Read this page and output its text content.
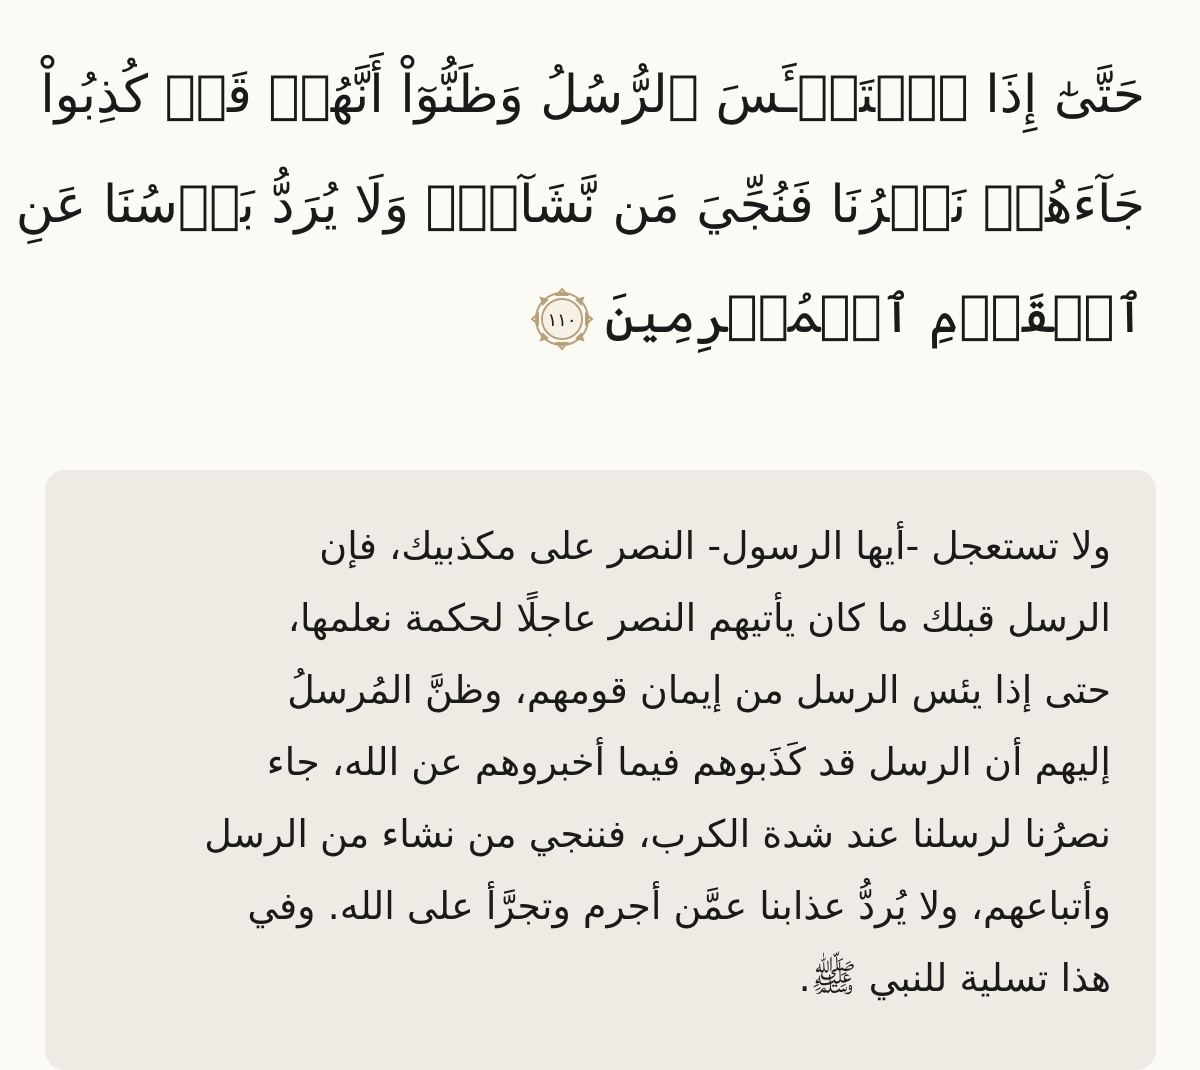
حَتَّىٰٓ إِذَا ٱسۡتَيۡـَٔسَ ٱلرُّسُلُ وَظَنُّوٓاْ أَنَّهُمۡ قَدۡ كُذِبُواْ
جَآءَهُمۡ نَصۡرُنَا فَنُجِّيَ مَن نَّشَآءُۖ وَلَا يُرَدُّ بَأۡسُنَا عَنِ
ٱلۡقَوۡمِ ٱلۡمُجۡرِمِينَ
١١٠
ولا تستعجل -أيها الرسول- النصر على مكذبيك، فإن
الرسل قبلك ما كان يأتيهم النصر عاجلًا لحكمة نعلمها،
حتى إذا يئس الرسل من إيمان قومهم، وظنَّ المُرسلُ
إليهم أن الرسل قد كَذَبوهم فيما أخبروهم عن الله، جاء
نصرُنا لرسلنا عند شدة الكرب، فننجي من نشاء من الرسل
وأتباعهم، ولا يُردُّ عذابنا عمَّن أجرم وتجرَّأ على الله. وفي
هذا تسلية للنبي ﷺ.
